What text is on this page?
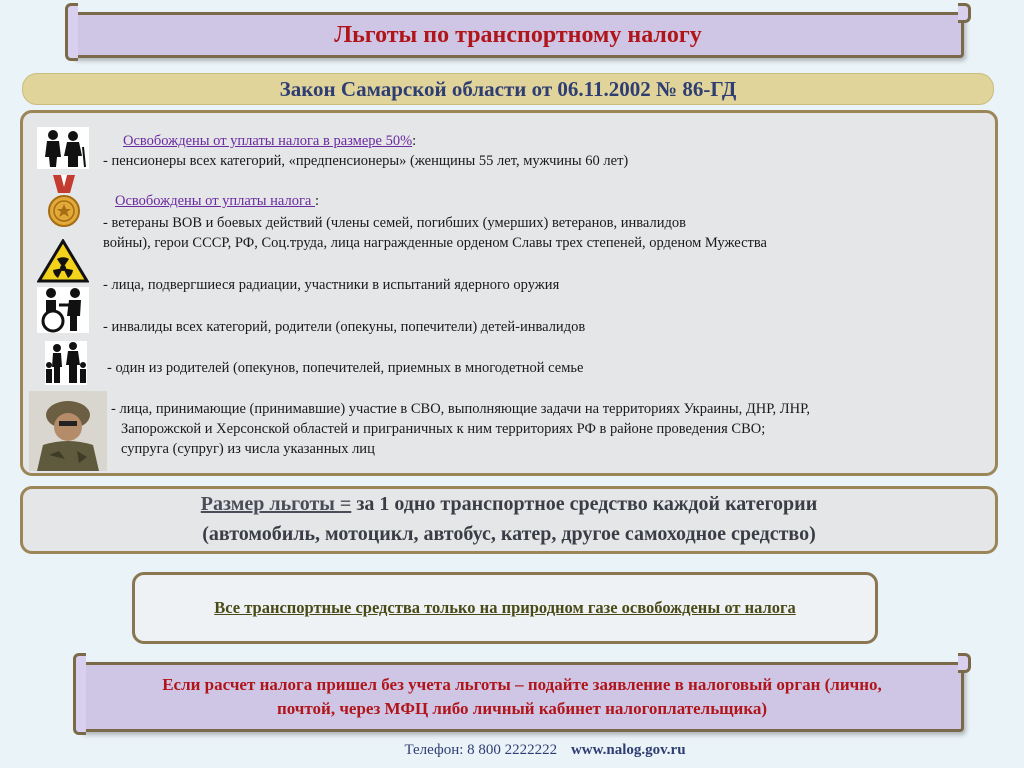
Льготы по транспортному налогу
Закон Самарской области от 06.11.2002 № 86-ГД
Освобождены от уплаты налога в размере 50%:
- пенсионеры всех категорий, «предпенсионеры» (женщины 55 лет, мужчины 60 лет)
Освобождены от уплаты налога :
- ветераны ВОВ и боевых действий (члены семей, погибших (умерших) ветеранов, инвалидов
войны), герои СССР, РФ, Соц.труда, лица награжденные орденом Славы трех степеней, орденом Мужества
- лица, подвергшиеся радиации, участники в испытаний ядерного оружия
- инвалиды всех категорий, родители (опекуны, попечители) детей-инвалидов
- один из родителей (опекунов, попечителей, приемных в многодетной семье
- лица, принимающие (принимавшие) участие в СВО, выполняющие задачи на территориях Украины, ДНР, ЛНР,
Запорожской и Херсонской областей и приграничных к ним территориях РФ в районе проведения СВО;
супруга (супруг) из числа указанных лиц
Размер льготы = за 1 одно транспортное средство каждой категории
(автомобиль, мотоцикл, автобус, катер, другое самоходное средство)
Все транспортные средства только на природном газе освобождены от налога
Если расчет налога пришел без учета льготы – подайте заявление в налоговый орган (лично,
почтой, через МФЦ либо личный кабинет налогоплательщика)
Телефон: 8 800 2222222 www.nalog.gov.ru
